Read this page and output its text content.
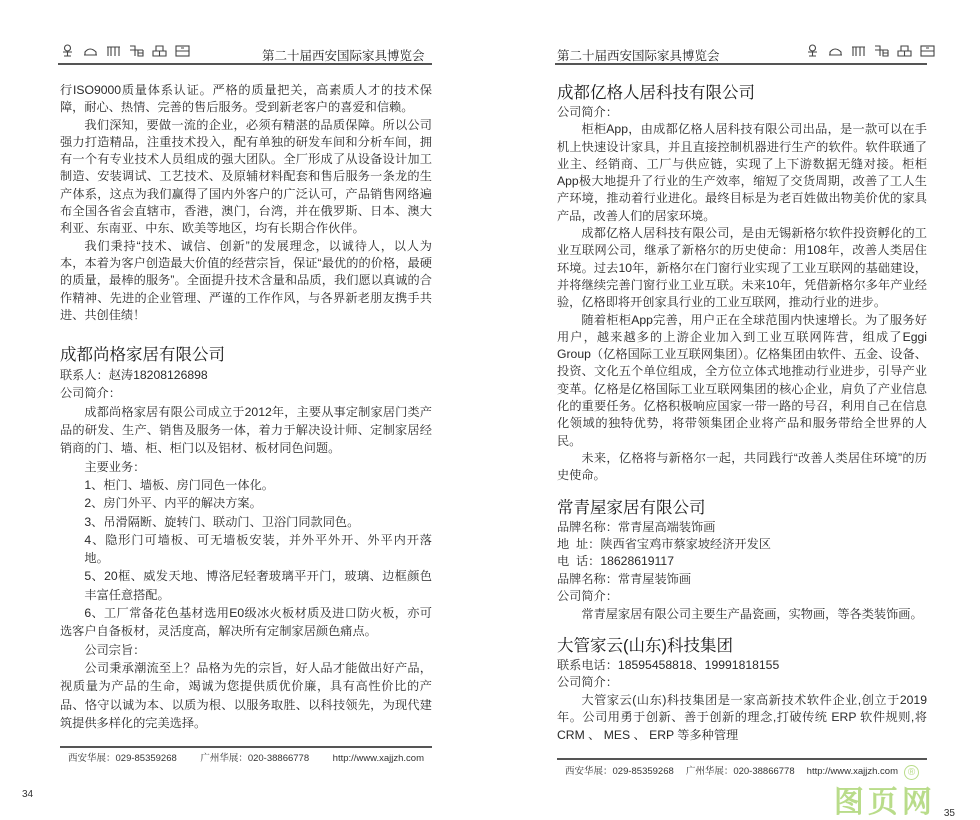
第二十届西安国际家具博览会

行ISO9000质量体系认证。严格的质量把关，高素质人才的技术保障，耐心、热情、完善的售后服务。受到新老客户的喜爱和信赖。

我们深知，要做一流的企业，必须有精湛的品质保障。所以公司强力打造精品，注重技术投入，配有单独的研发车间和分析车间，拥有一个有专业技术人员组成的强大团队。全厂形成了从设备设计加工制造、安装调试、工艺技术、及原辅材料配套和售后服务一条龙的生产体系，这点为我们赢得了国内外客户的广泛认可，产品销售网络遍布全国各省会直辖市，香港，澳门，台湾，并在俄罗斯、日本、澳大利亚、东南亚、中东、欧美等地区，均有长期合作伙伴。

我们秉持“技术、诚信、创新”的发展理念，以诚待人，以人为本，本着为客户创造最大价值的经营宗旨，保证“最优的的价格，最硬的质量，最棒的服务”。全面提升技术含量和品质，我们愿以真诚的合作精神、先进的企业管理、严谨的工作作风，与各界新老朋友携手共进、共创佳绩！

成都尚格家居有限公司

联系人：赵涛18208126898

公司简介：

成都尚格家居有限公司成立于2012年，主要从事定制家居门类产品的研发、生产、销售及服务一体，着力于解决设计师、定制家居经销商的门、墙、柜、柜门以及铝材、板材同色问题。

主要业务：

1、柜门、墙板、房门同色一体化。

2、房门外平、内平的解决方案。

3、吊滑隔断、旋转门、联动门、卫浴门同款同色。

4、隐形门可墙板、可无墙板安装，并外平外开、外平内开落地。

5、20框、威发天地、博洛尼轻奢玻璃平开门，玻璃、边框颜色丰富任意搭配。

6、工厂常备花色基材选用E0级冰火板材质及进口防火板，亦可选客户自备板材，灵活度高，解决所有定制家居颜色痛点。

公司宗旨：

公司秉承潮流至上？品格为先的宗旨，好人品才能做出好产品，视质量为产品的生命，竭诚为您提供质优价廉，具有高性价比的产品、恪守以诚为本、以质为根、以服务取胜、以科技领先，为现代建筑提供多样化的完美选择。

西安华展：029-85359268 广州华展：020-38866778 http://www.xajjzh.com
34
第二十届西安国际家具博览会

成都亿格人居科技有限公司

公司简介：

柜柜App，由成都亿格人居科技有限公司出品，是一款可以在手机上快速设计家具，并且直接控制机器进行生产的软件。软件联通了业主、经销商、工厂与供应链，实现了上下游数据无缝对接。柜柜App极大地提升了行业的生产效率，缩短了交货周期，改善了工人生产环境，推动着行业进化。最终目标是为老百姓做出物美价优的家具产品，改善人们的居家环境。

成都亿格人居科技有限公司，是由无锡新格尔软件投资孵化的工业互联网公司，继承了新格尔的历史使命：用108年，改善人类居住环境。过去10年，新格尔在门窗行业实现了工业互联网的基础建设，并将继续完善门窗行业工业互联。未来10年，凭借新格尔多年产业经验，亿格即将开创家具行业的工业互联网，推动行业的进步。

随着柜柜App完善，用户正在全球范围内快速增长。为了服务好用户，越来越多的上游企业加入到工业互联网阵营，组成了Eggi Group（亿格国际工业互联网集团）。亿格集团由软件、五金、设备、投资、文化五个单位组成，全方位立体式地推动行业进步，引导产业变革。亿格是亿格国际工业互联网集团的核心企业，肩负了产业信息化的重要任务。亿格积极响应国家一带一路的号召，利用自己在信息化领域的独特优势，将带领集团企业将产品和服务带给全世界的人民。

未来，亿格将与新格尔一起，共同践行“改善人类居住环境”的历史使命。

常青屋家居有限公司

品牌名称：常青屋高端装饰画

地  址：陕西省宝鸡市蔡家坡经济开发区

电  话：18628619117

品牌名称：常青屋装饰画

公司简介：

常青屋家居有限公司主要生产晶瓷画，实物画，等各类装饰画。

大管家云(山东)科技集团

联系电话：18595458818、19991818155

公司简介：

大管家云(山东)科技集团是一家高新技术软件企业,创立于2019年。公司用勇于创新、善于创新的理念,打破传统 ERP 软件规则,将 CRM 、 MES 、 ERP 等多种管理

西安华展：029-85359268 广州华展：020-38866778 http://www.xajjzh.com ®
图页网 35
